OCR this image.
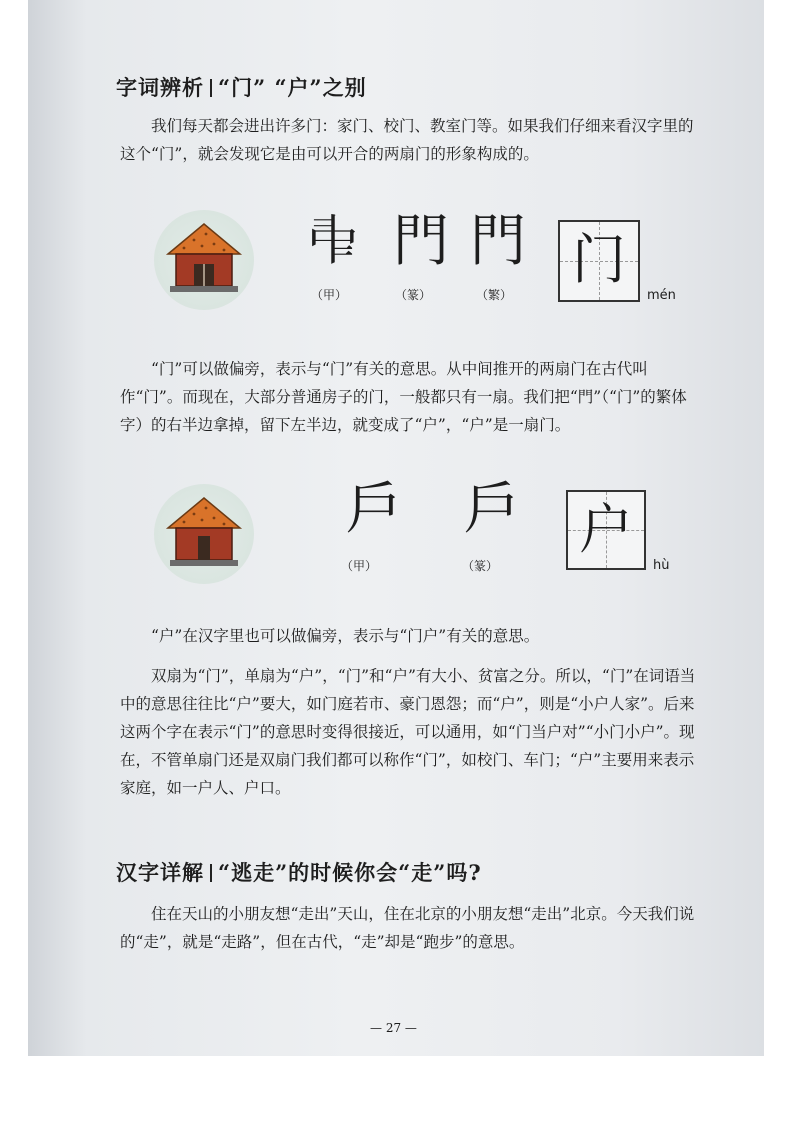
字词辨析 “门” “户”之别
我们每天都会进出许多门：家门、校门、教室门等。如果我们仔细来看汉字里的这个“门”，就会发现它是由可以开合的两扇门的形象构成的。
𠁩 門 門
（甲）	（篆）	（繁）
门
mén
“门”可以做偏旁，表示与“门”有关的意思。从中间推开的两扇门在古代叫作“门”。而现在，大部分普通房子的门，一般都只有一扇。我们把“門”（“门”的繁体字）的右半边拿掉，留下左半边，就变成了“户”，“户”是一扇门。
戶 戶
（甲）	（篆）
户
hù
“户”在汉字里也可以做偏旁，表示与“门户”有关的意思。
双扇为“门”，单扇为“户”，“门”和“户”有大小、贫富之分。所以，“门”在词语当中的意思往往比“户”要大，如门庭若市、豪门恩怨；而“户”，则是“小户人家”。后来这两个字在表示“门”的意思时变得很接近，可以通用，如“门当户对”“小门小户”。现在，不管单扇门还是双扇门我们都可以称作“门”，如校门、车门；“户”主要用来表示家庭，如一户人、户口。
汉字详解 “逃走”的时候你会“走”吗?
住在天山的小朋友想“走出”天山，住在北京的小朋友想“走出”北京。今天我们说的“走”，就是“走路”，但在古代，“走”却是“跑步”的意思。
— 27 —
